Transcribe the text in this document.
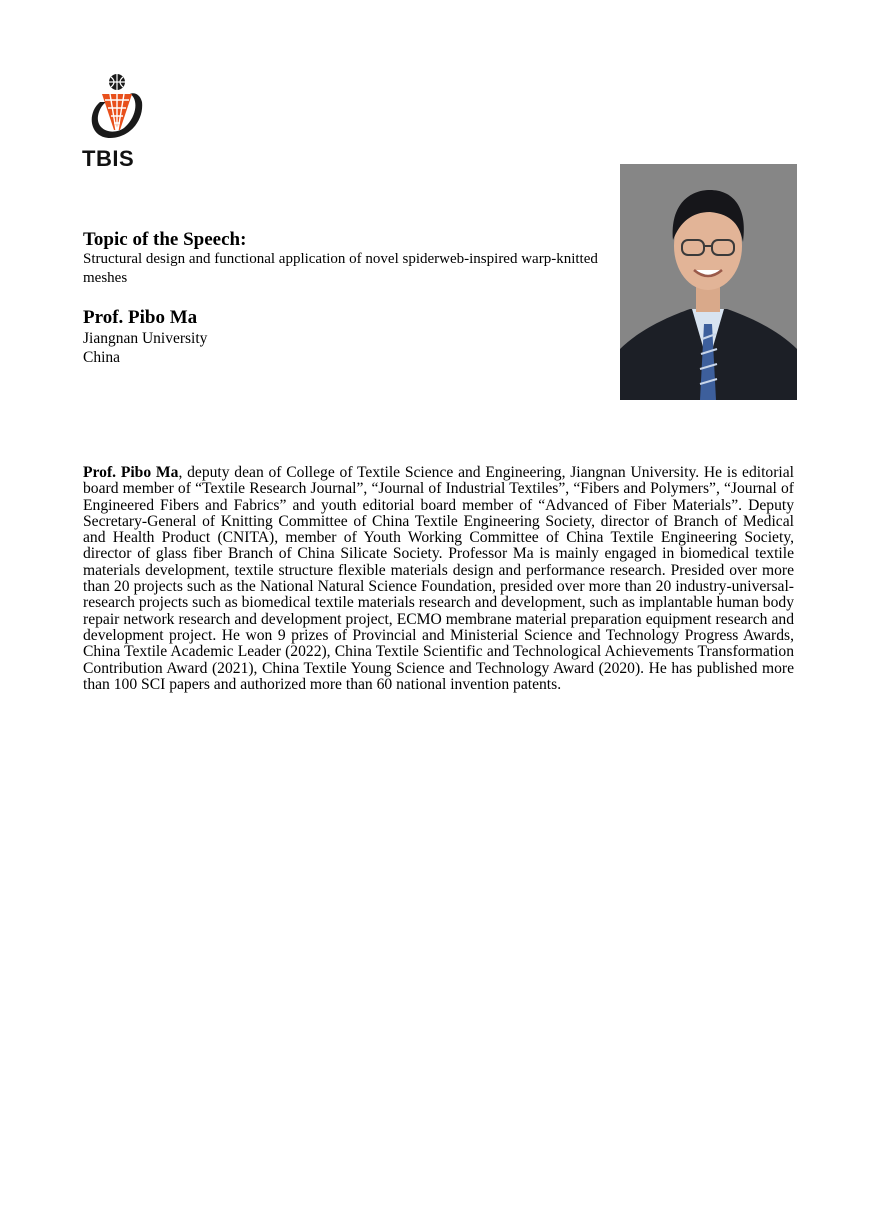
TBIS
Topic of the Speech:
Structural design and functional application of novel spiderweb-inspired warp-knitted meshes
Prof. Pibo Ma
Jiangnan University
China
Prof. Pibo Ma, deputy dean of College of Textile Science and Engineering, Jiangnan University. He is editorial board member of “Textile Research Journal”, “Journal of Industrial Textiles”, “Fibers and Polymers”, “Journal of Engineered Fibers and Fabrics” and youth editorial board member of “Advanced of Fiber Materials”. Deputy Secretary-General of Knitting Committee of China Textile Engineering Society, director of Branch of Medical and Health Product (CNITA), member of Youth Working Committee of China Textile Engineering Society, director of glass fiber Branch of China Silicate Society. Professor Ma is mainly engaged in biomedical textile materials development, textile structure flexible materials design and performance research. Presided over more than 20 projects such as the National Natural Science Foundation, presided over more than 20 industry-universal-research projects such as biomedical textile materials research and development, such as implantable human body repair network research and development project, ECMO membrane material preparation equipment research and development project. He won 9 prizes of Provincial and Ministerial Science and Technology Progress Awards, China Textile Academic Leader (2022), China Textile Scientific and Technological Achievements Transformation Contribution Award (2021), China Textile Young Science and Technology Award (2020). He has published more than 100 SCI papers and authorized more than 60 national invention patents.
